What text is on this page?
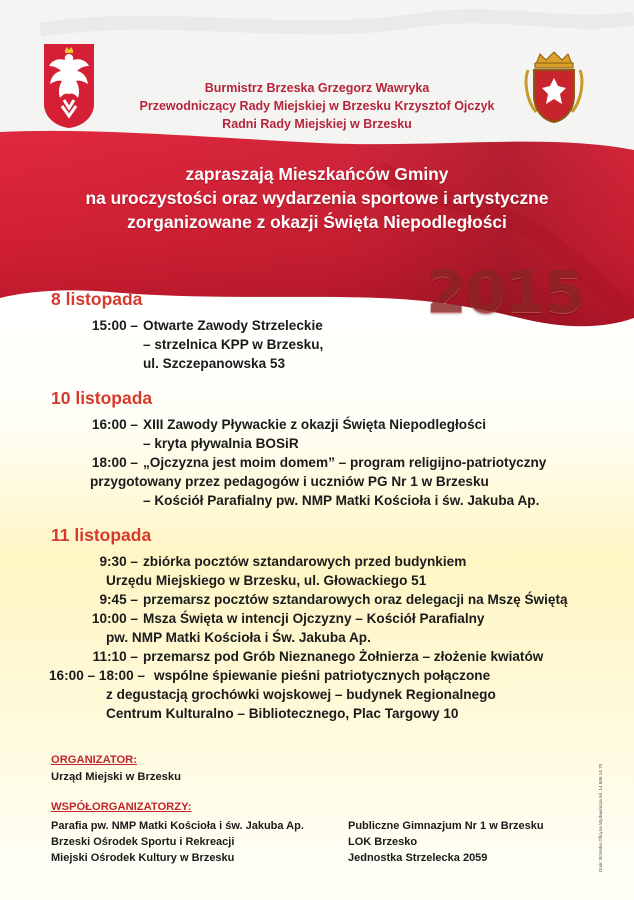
Burmistrz Brzeska Grzegorz Wawryka
Przewodniczący Rady Miejskiej w Brzesku Krzysztof Ojczyk
Radni Rady Miejskiej w Brzesku
zapraszają Mieszkańców Gminy
na uroczystości oraz wydarzenia sportowe i artystyczne
zorganizowane z okazji Święta Niepodległości
2015
8 listopada
15:00 – Otwarte Zawody Strzeleckie
– strzelnica KPP w Brzesku,
ul. Szczepanowska 53
10 listopada
16:00 – XIII Zawody Pływackie z okazji Święta Niepodległości
– kryta pływalnia BOSiR
18:00 – „Ojczyzna jest moim domem” – program religijno-patriotyczny
przygotowany przez pedagogów i uczniów PG Nr 1 w Brzesku
– Kościół Parafialny pw. NMP Matki Kościoła i św. Jakuba Ap.
11 listopada
9:30 – zbiórka pocztów sztandarowych przed budynkiem
Urzędu Miejskiego w Brzesku, ul. Głowackiego 51
9:45 – przemarsz pocztów sztandarowych oraz delegacji na Mszę Świętą
10:00 – Msza Święta w intencji Ojczyzny – Kościół Parafialny
pw. NMP Matki Kościoła i Św. Jakuba Ap.
11:10 – przemarsz pod Grób Nieznanego Żołnierza – złożenie kwiatów
16:00 – 18:00 – wspólne śpiewanie pieśni patriotycznych połączone
z degustacją grochówki wojskowej – budynek Regionalnego
Centrum Kulturalno – Bibliotecznego, Plac Targowy 10
ORGANIZATOR:
Urząd Miejski w Brzesku
WSPÓŁORGANIZATORZY:
Parafia pw. NMP Matki Kościoła i św. Jakuba Ap.
Brzeski Ośrodek Sportu i Rekreacji
Miejski Ośrodek Kultury w Brzesku
Publiczne Gimnazjum Nr 1 w Brzesku
LOK Brzesko
Jednostka Strzelecka 2059	Druk: Brzeska Oficyna Wydawnicza tel. 14 686 14 70
